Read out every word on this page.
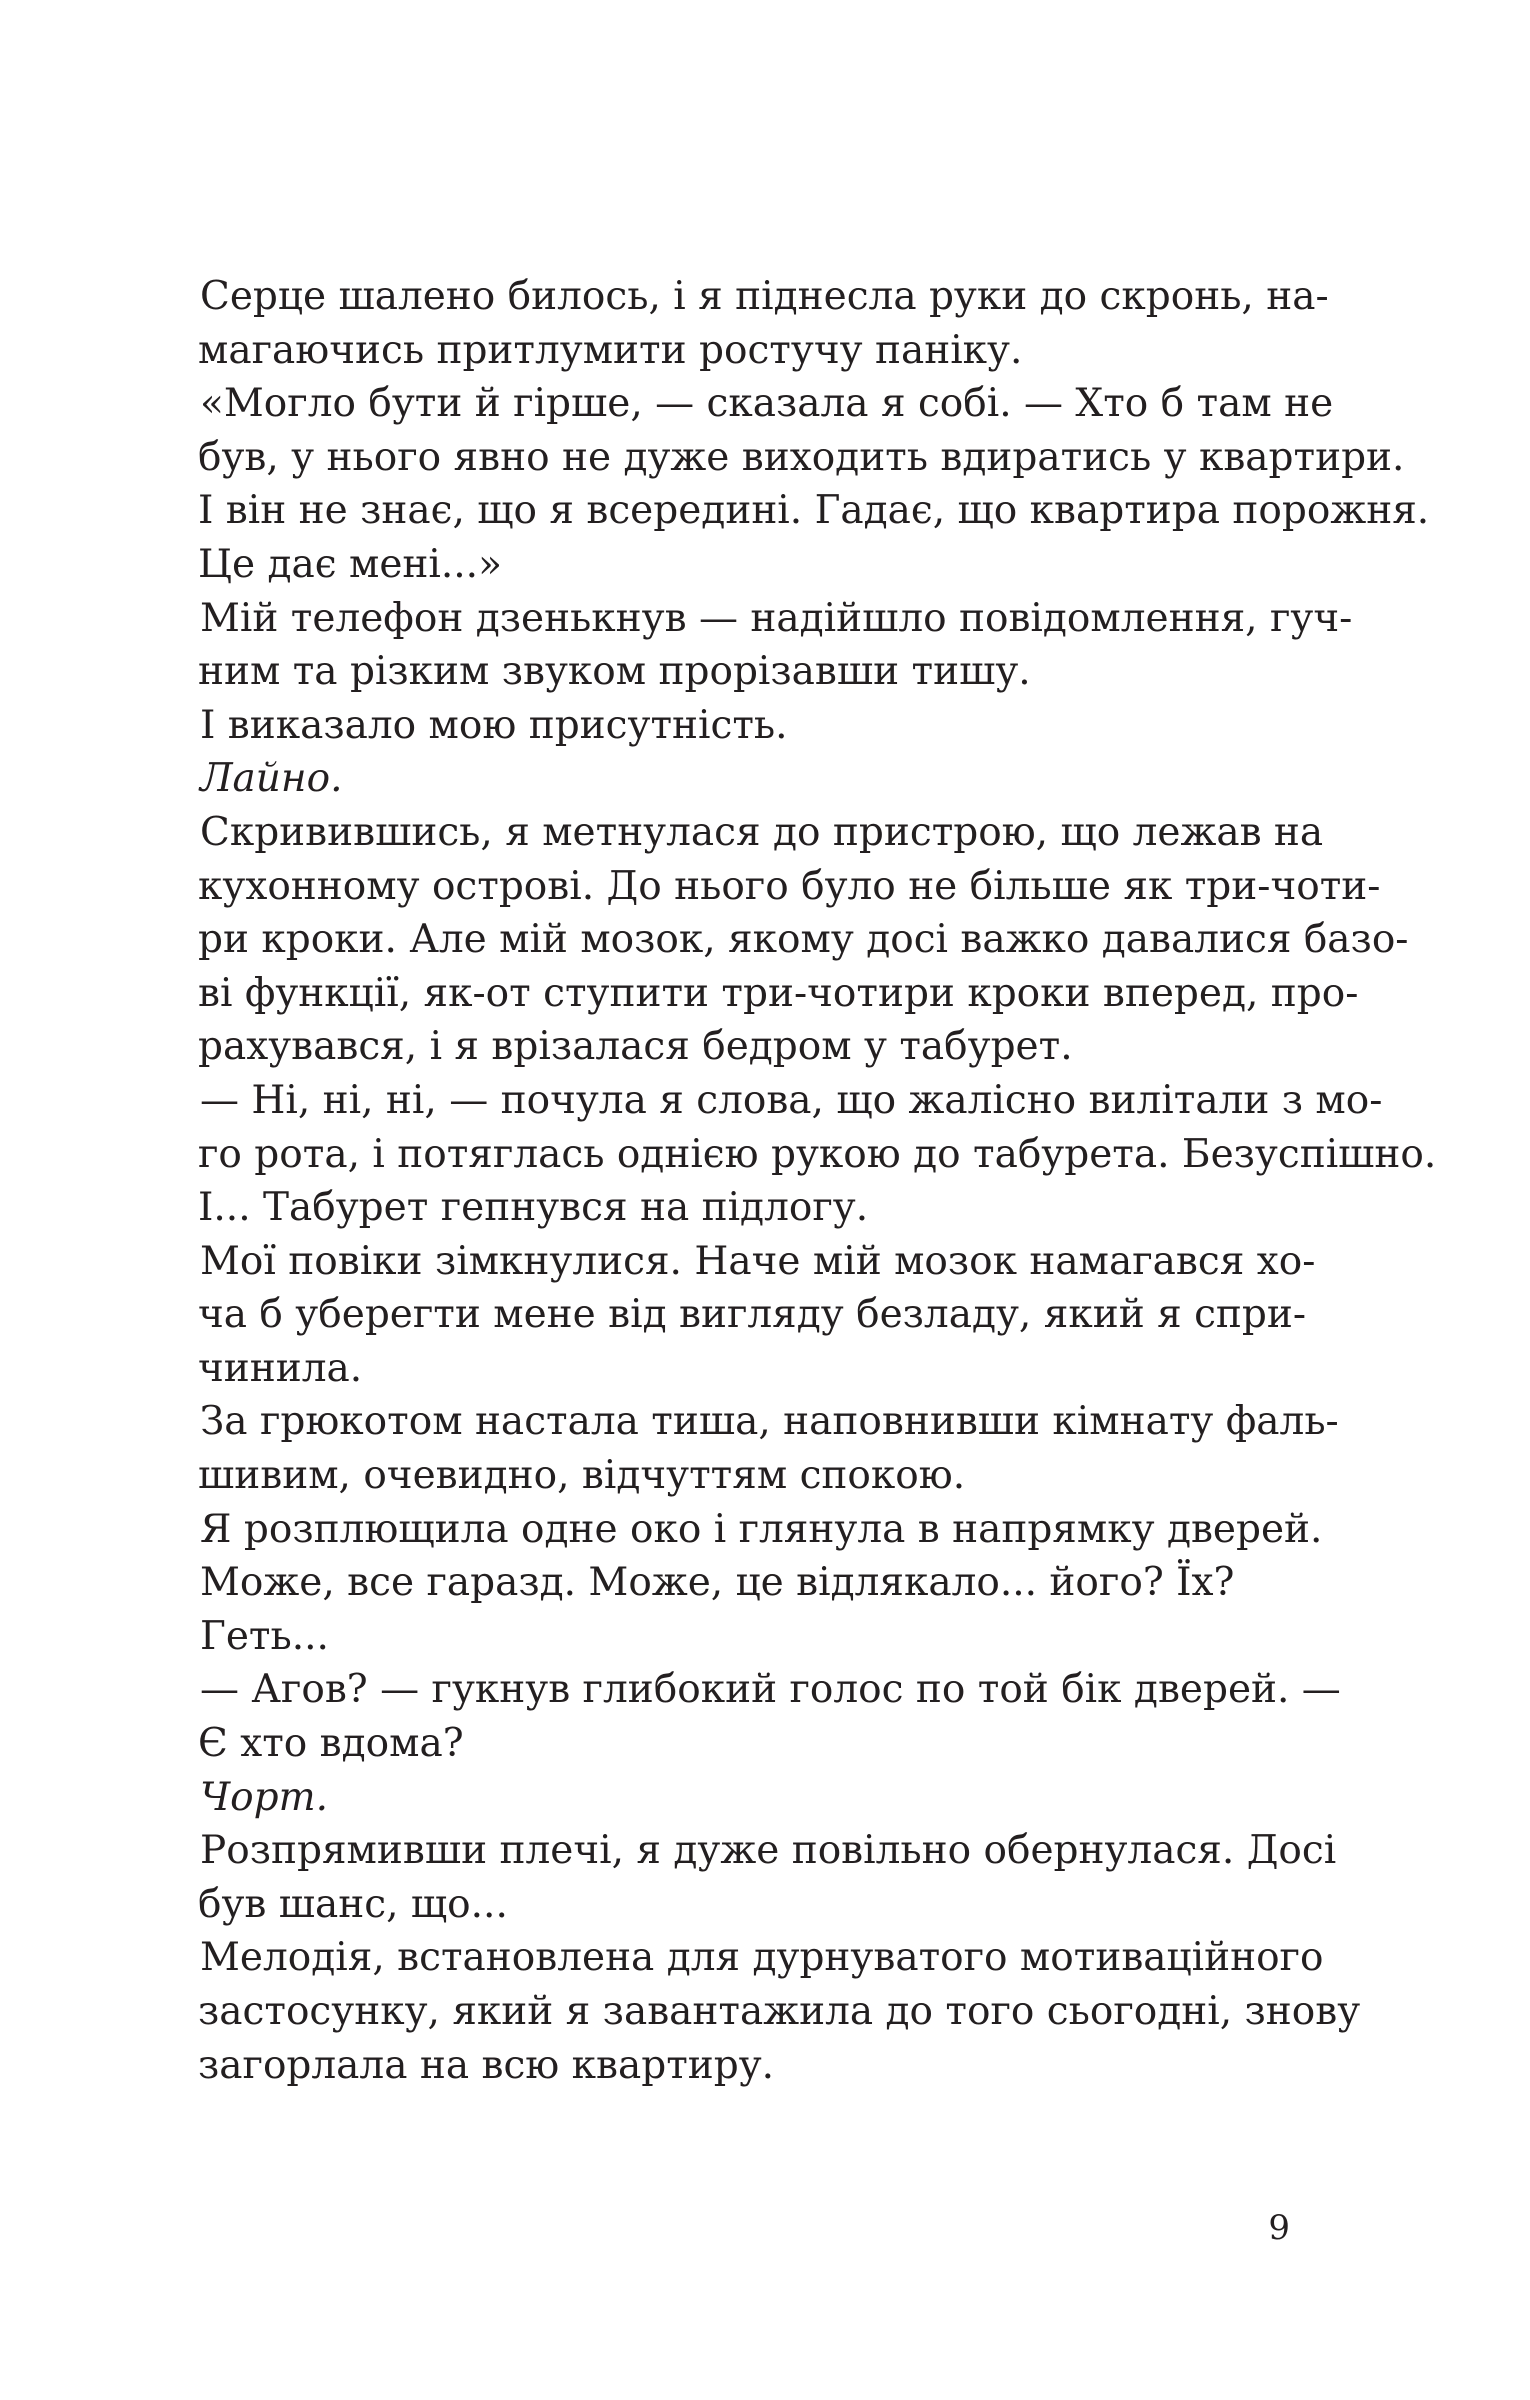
Серце шалено билось, і я піднесла руки до скронь, на-
магаючись притлумити ростучу паніку.

«Могло бути й гірше, — сказала я собі. — Хто б там не
був, у нього явно не дуже виходить вдиратись у квартири.
І він не знає, що я всередині. Гадає, що квартира порожня.
Це дає мені...»

Мій телефон дзенькнув — надійшло повідомлення, гуч-
ним та різким звуком прорізавши тишу.

І виказало мою присутність.

Лайно.

Скривившись, я метнулася до пристрою, що лежав на
кухонному острові. До нього було не більше як три-чоти-
ри кроки. Але мій мозок, якому досі важко давалися базо-
ві функції, як-от ступити три-чотири кроки вперед, про-
рахувався, і я врізалася бедром у табурет.

— Ні, ні, ні, — почула я слова, що жалісно вилітали з мо-
го рота, і потяглась однією рукою до табурета. Безуспішно.
І... Табурет гепнувся на підлогу.

Мої повіки зімкнулися. Наче мій мозок намагався хо-
ча б уберегти мене від вигляду безладу, який я спри-
чинила.

За грюкотом настала тиша, наповнивши кімнату фаль-
шивим, очевидно, відчуттям спокою.

Я розплющила одне око і глянула в напрямку дверей.

Може, все гаразд. Може, це відлякало... його? Їх?

Геть...

— Агов? — гукнув глибокий голос по той бік дверей. —
Є хто вдома?

Чорт.

Розпрямивши плечі, я дуже повільно обернулася. Досі
був шанс, що...

Мелодія, встановлена для дурнуватого мотиваційного
застосунку, який я завантажила до того сьогодні, знову
загорлала на всю квартиру.

9
